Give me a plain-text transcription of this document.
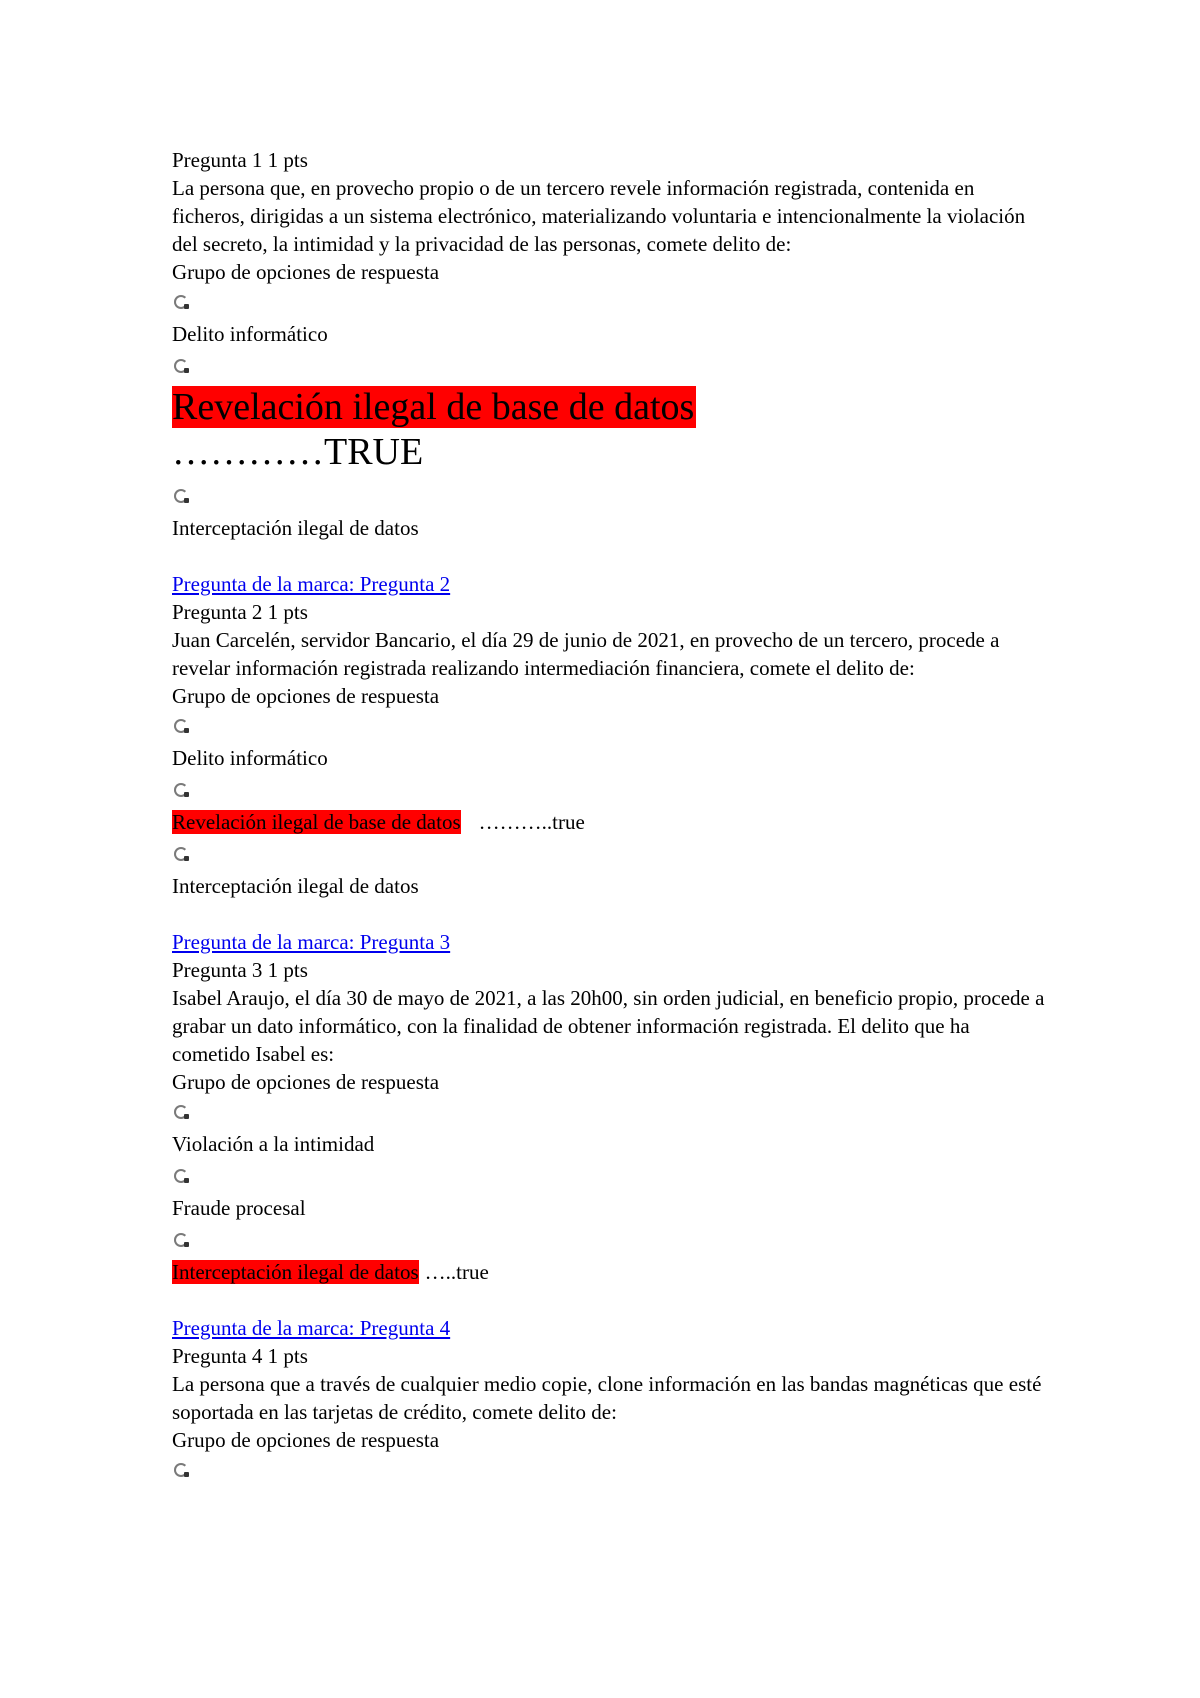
Pregunta 1 1 pts
La persona que, en provecho propio o de un tercero revele información registrada, contenida en ficheros, dirigidas a un sistema electrónico, materializando voluntaria e intencionalmente la violación del secreto, la intimidad y la privacidad de las personas, comete delito de:
Grupo de opciones de respuesta
Delito informático
Revelación ilegal de base de datos
…………TRUE
Interceptación ilegal de datos
Pregunta de la marca: Pregunta 2
Pregunta 2 1 pts
Juan Carcelén, servidor Bancario, el día 29 de junio de 2021, en provecho de un tercero, procede a revelar información registrada realizando intermediación financiera, comete el delito de:
Grupo de opciones de respuesta
Delito informático
Revelación ilegal de base de datos ………..true
Interceptación ilegal de datos
Pregunta de la marca: Pregunta 3
Pregunta 3 1 pts
Isabel Araujo, el día 30 de mayo de 2021, a las 20h00, sin orden judicial, en beneficio propio, procede a grabar un dato informático, con la finalidad de obtener información registrada. El delito que ha cometido Isabel es:
Grupo de opciones de respuesta
Violación a la intimidad
Fraude procesal
Interceptación ilegal de datos …..true
Pregunta de la marca: Pregunta 4
Pregunta 4 1 pts
La persona que a través de cualquier medio copie, clone información en las bandas magnéticas que esté soportada en las tarjetas de crédito, comete delito de:
Grupo de opciones de respuesta
